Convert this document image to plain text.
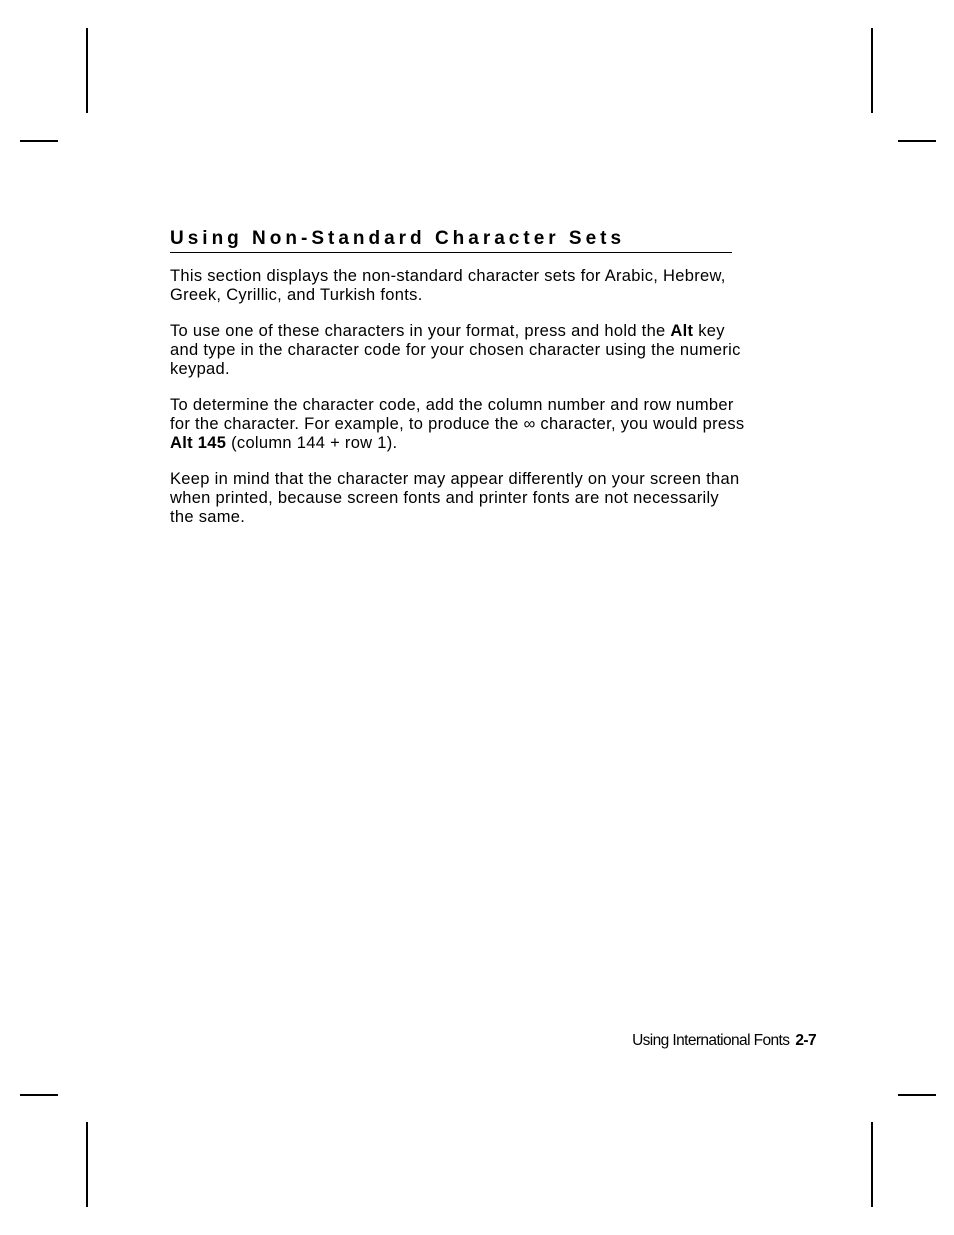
Using Non-Standard Character Sets

This section displays the non-standard character sets for Arabic, Hebrew, Greek, Cyrillic, and Turkish fonts.

To use one of these characters in your format, press and hold the Alt key and type in the character code for your chosen character using the numeric keypad.

To determine the character code, add the column number and row number for the character. For example, to produce the ∞ character, you would press Alt 145 (column 144 + row 1).

Keep in mind that the character may appear differently on your screen than when printed, because screen fonts and printer fonts are not necessarily the same.

Using International Fonts 2-7
